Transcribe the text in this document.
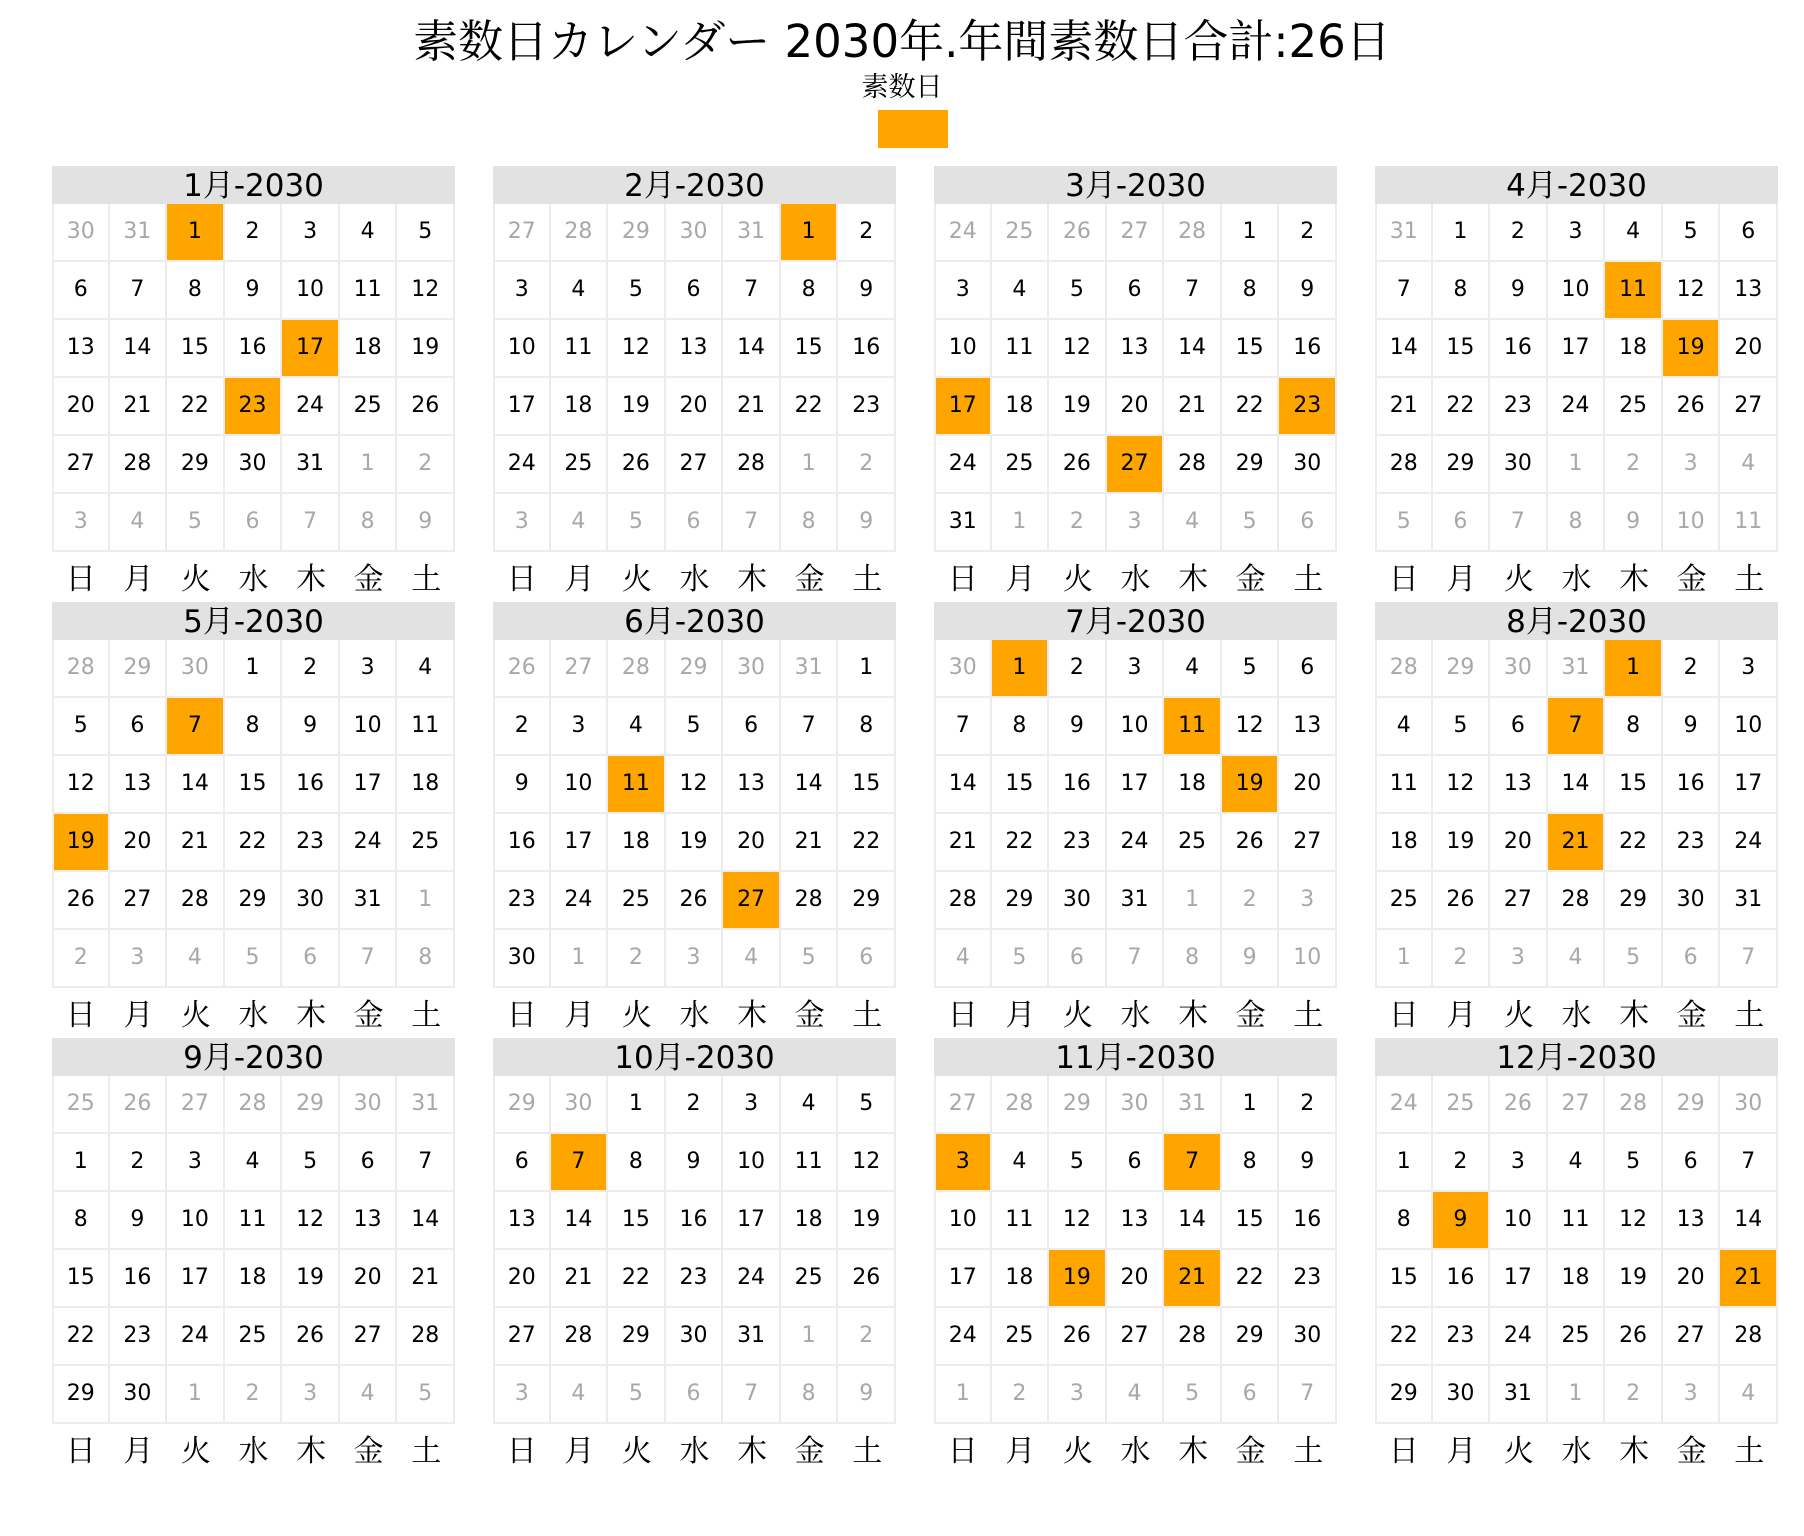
素数日カレンダー 2030年.年間素数日合計:26日
素数日
1月-2030
30	31	1	2	3	4	5
6	7	8	9	10	11	12
13	14	15	16	17	18	19
20	21	22	23	24	25	26
27	28	29	30	31	1	2
3	4	5	6	7	8	9
日 月 火 水 木 金 土
2月-2030
27	28	29	30	31	1	2
3	4	5	6	7	8	9
10	11	12	13	14	15	16
17	18	19	20	21	22	23
24	25	26	27	28	1	2
3	4	5	6	7	8	9
日 月 火 水 木 金 土
3月-2030
24	25	26	27	28	1	2
3	4	5	6	7	8	9
10	11	12	13	14	15	16
17	18	19	20	21	22	23
24	25	26	27	28	29	30
31	1	2	3	4	5	6
日 月 火 水 木 金 土
4月-2030
31	1	2	3	4	5	6
7	8	9	10	11	12	13
14	15	16	17	18	19	20
21	22	23	24	25	26	27
28	29	30	1	2	3	4
5	6	7	8	9	10	11
日 月 火 水 木 金 土
5月-2030
28	29	30	1	2	3	4
5	6	7	8	9	10	11
12	13	14	15	16	17	18
19	20	21	22	23	24	25
26	27	28	29	30	31	1
2	3	4	5	6	7	8
日 月 火 水 木 金 土
6月-2030
26	27	28	29	30	31	1
2	3	4	5	6	7	8
9	10	11	12	13	14	15
16	17	18	19	20	21	22
23	24	25	26	27	28	29
30	1	2	3	4	5	6
日 月 火 水 木 金 土
7月-2030
30	1	2	3	4	5	6
7	8	9	10	11	12	13
14	15	16	17	18	19	20
21	22	23	24	25	26	27
28	29	30	31	1	2	3
4	5	6	7	8	9	10
日 月 火 水 木 金 土
8月-2030
28	29	30	31	1	2	3
4	5	6	7	8	9	10
11	12	13	14	15	16	17
18	19	20	21	22	23	24
25	26	27	28	29	30	31
1	2	3	4	5	6	7
日 月 火 水 木 金 土
9月-2030
25	26	27	28	29	30	31
1	2	3	4	5	6	7
8	9	10	11	12	13	14
15	16	17	18	19	20	21
22	23	24	25	26	27	28
29	30	1	2	3	4	5
日 月 火 水 木 金 土
10月-2030
29	30	1	2	3	4	5
6	7	8	9	10	11	12
13	14	15	16	17	18	19
20	21	22	23	24	25	26
27	28	29	30	31	1	2
3	4	5	6	7	8	9
日 月 火 水 木 金 土
11月-2030
27	28	29	30	31	1	2
3	4	5	6	7	8	9
10	11	12	13	14	15	16
17	18	19	20	21	22	23
24	25	26	27	28	29	30
1	2	3	4	5	6	7
日 月 火 水 木 金 土
12月-2030
24	25	26	27	28	29	30
1	2	3	4	5	6	7
8	9	10	11	12	13	14
15	16	17	18	19	20	21
22	23	24	25	26	27	28
29	30	31	1	2	3	4
日 月 火 水 木 金 土
